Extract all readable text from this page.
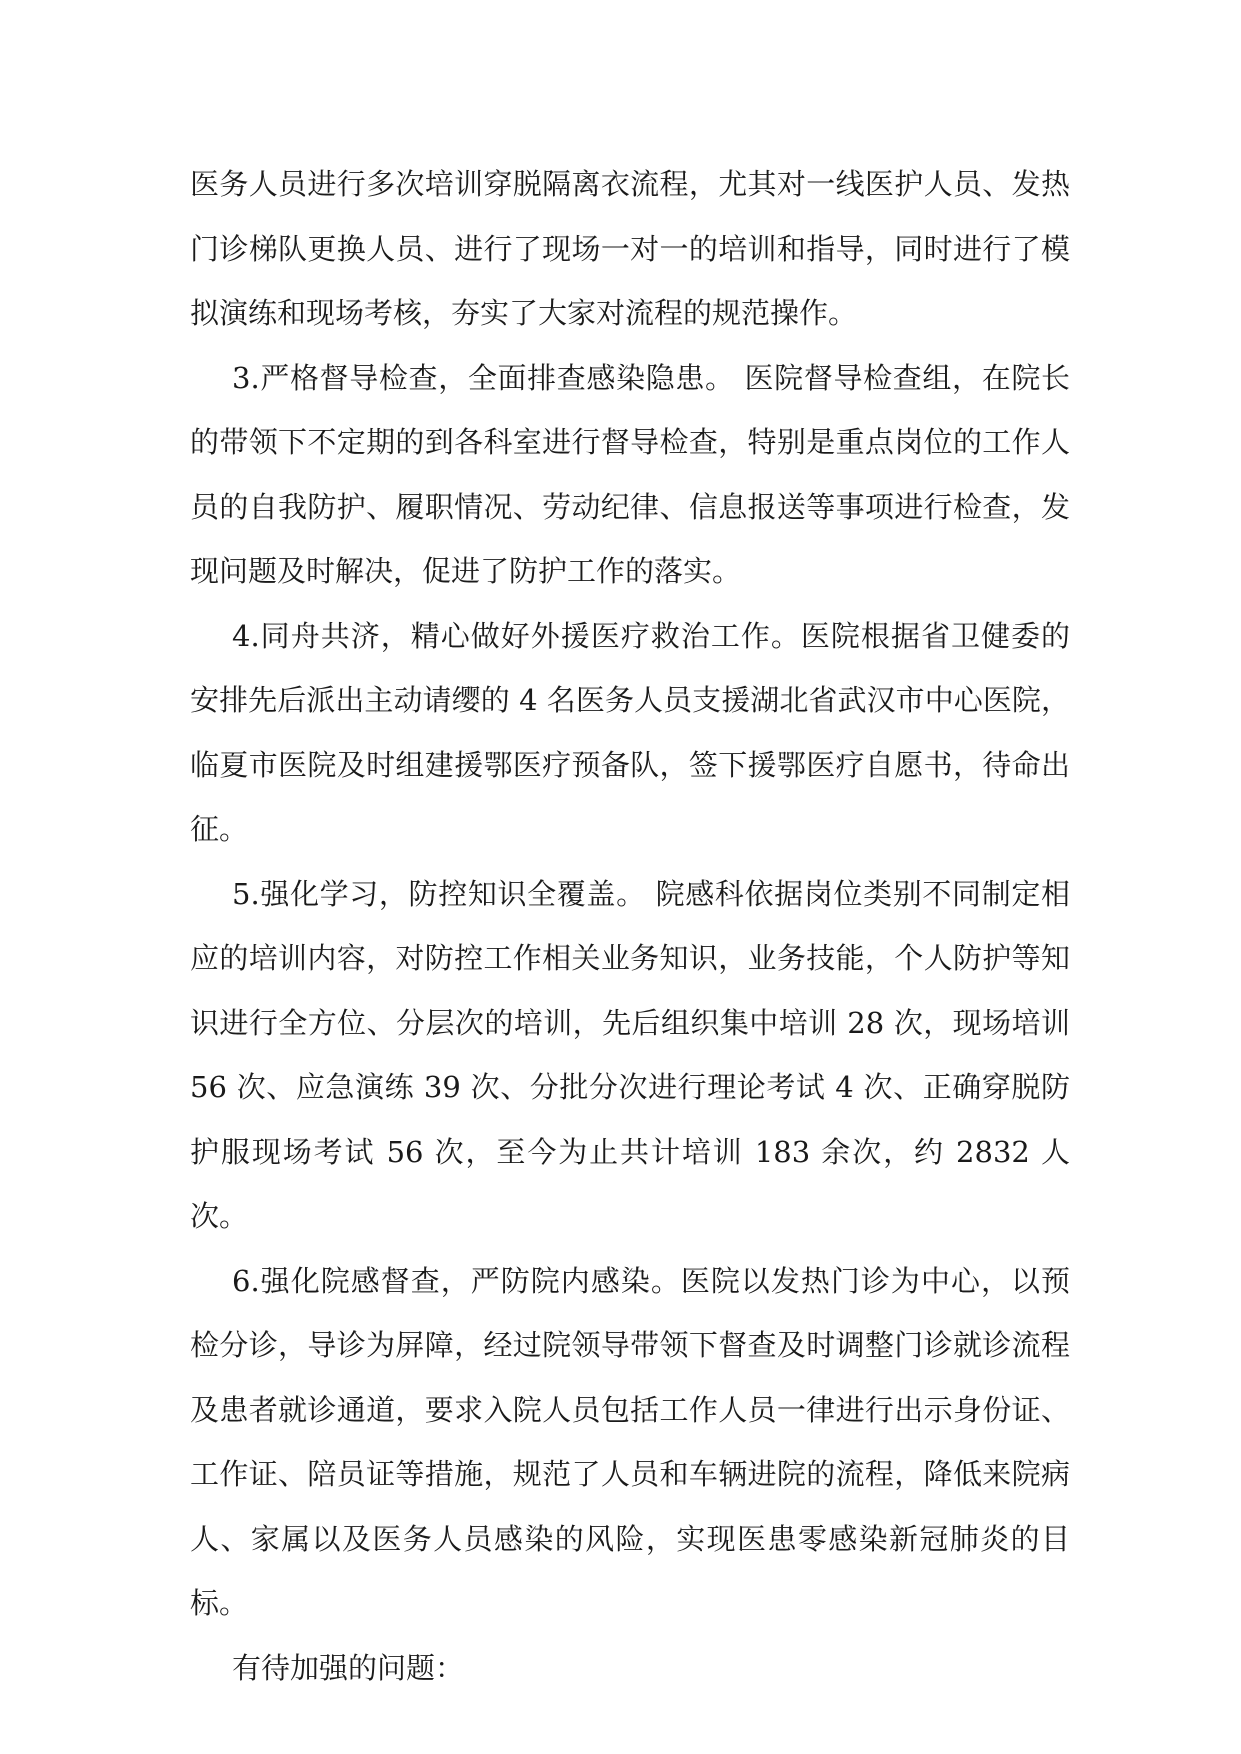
医务人员进行多次培训穿脱隔离衣流程，尤其对一线医护人员、发热门诊梯队更换人员、进行了现场一对一的培训和指导，同时进行了模拟演练和现场考核，夯实了大家对流程的规范操作。

3.严格督导检查，全面排查感染隐患。 医院督导检查组，在院长的带领下不定期的到各科室进行督导检查，特别是重点岗位的工作人员的自我防护、履职情况、劳动纪律、信息报送等事项进行检查，发现问题及时解决，促进了防护工作的落实。

4.同舟共济，精心做好外援医疗救治工作。医院根据省卫健委的安排先后派出主动请缨的 4 名医务人员支援湖北省武汉市中心医院，临夏市医院及时组建援鄂医疗预备队，签下援鄂医疗自愿书，待命出征。

5.强化学习，防控知识全覆盖。 院感科依据岗位类别不同制定相应的培训内容，对防控工作相关业务知识，业务技能，个人防护等知识进行全方位、分层次的培训，先后组织集中培训 28 次，现场培训 56 次、应急演练 39 次、分批分次进行理论考试 4 次、正确穿脱防护服现场考试 56 次，至今为止共计培训 183 余次，约 2832 人次。

6.强化院感督查，严防院内感染。医院以发热门诊为中心，以预检分诊，导诊为屏障，经过院领导带领下督查及时调整门诊就诊流程及患者就诊通道，要求入院人员包括工作人员一律进行出示身份证、工作证、陪员证等措施，规范了人员和车辆进院的流程，降低来院病人、家属以及医务人员感染的风险，实现医患零感染新冠肺炎的目标。

有待加强的问题：
